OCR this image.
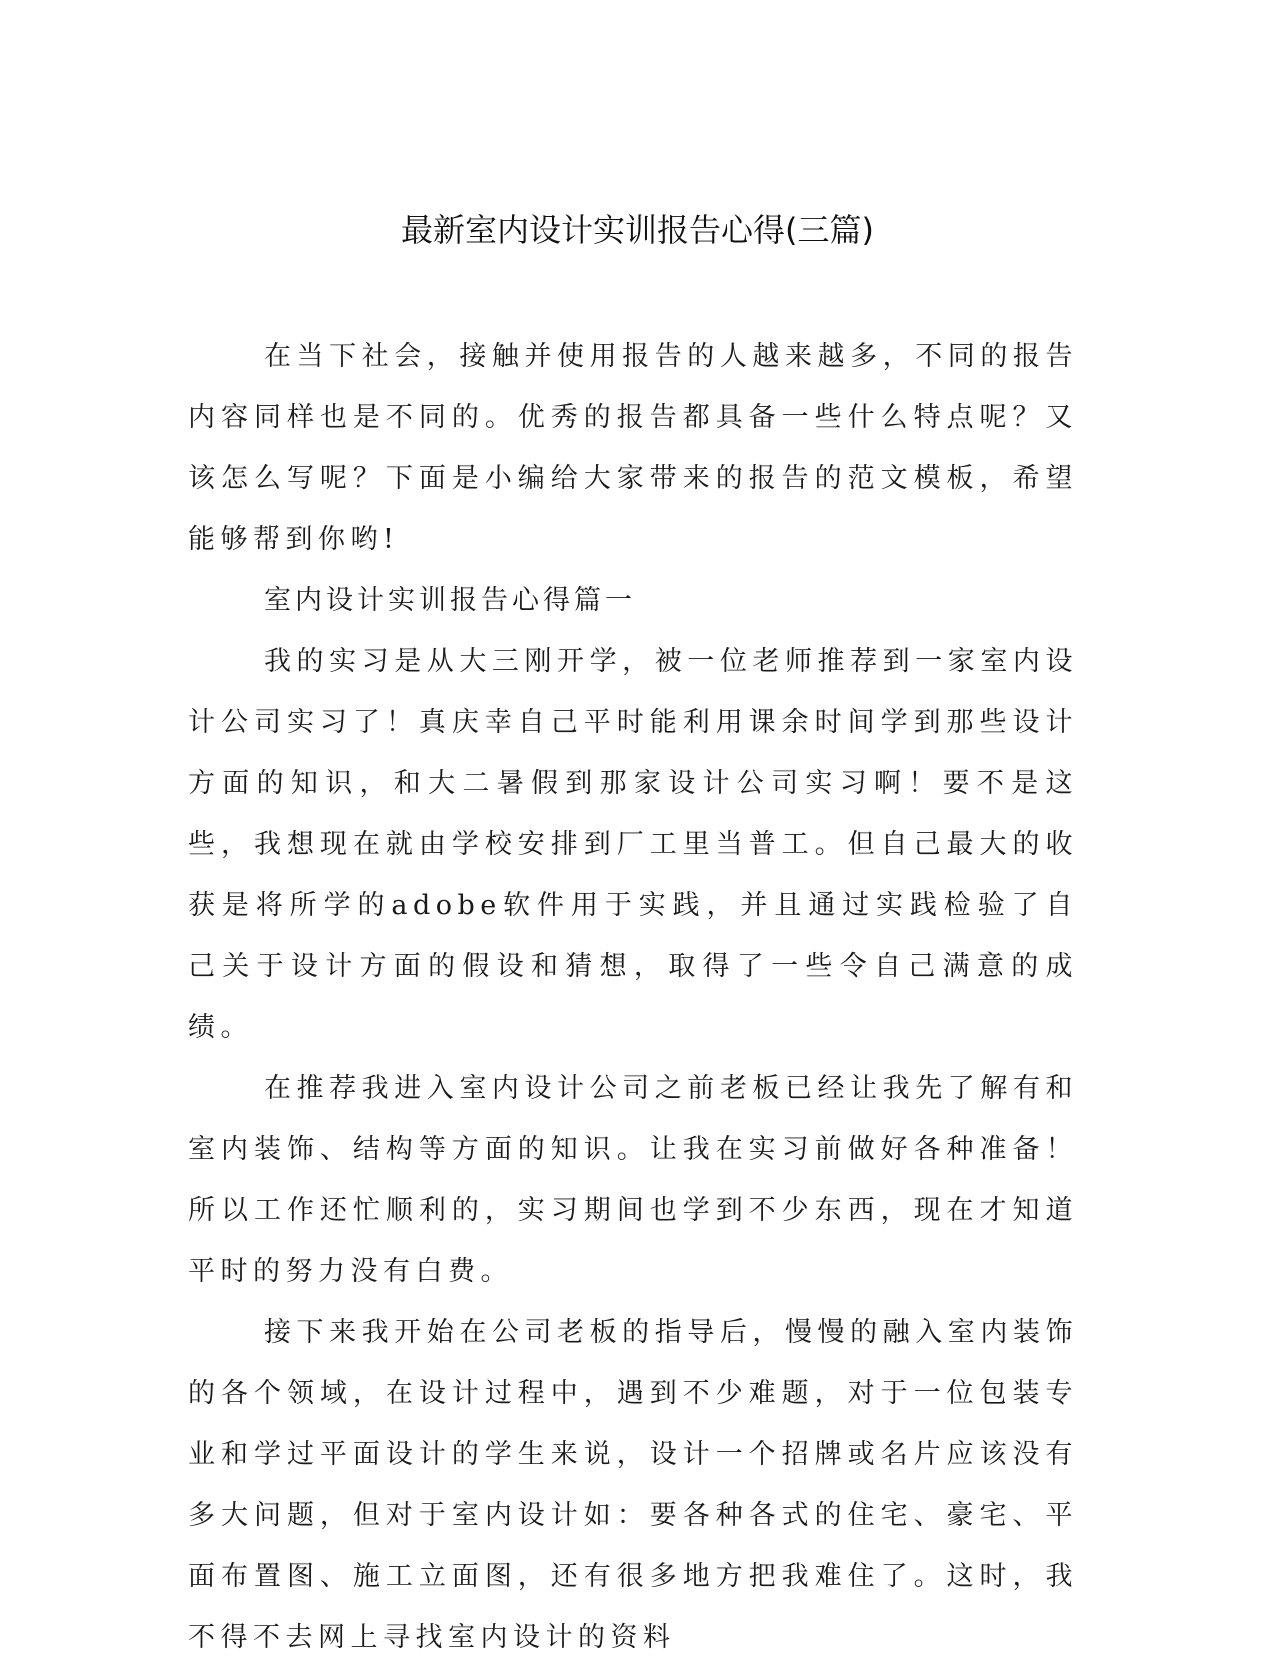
最新室内设计实训报告心得(三篇)

在当下社会，接触并使用报告的人越来越多，不同的报告内容同样也是不同的。优秀的报告都具备一些什么特点呢？又该怎么写呢？下面是小编给大家带来的报告的范文模板，希望能够帮到你哟!

室内设计实训报告心得篇一

我的实习是从大三刚开学，被一位老师推荐到一家室内设计公司实习了！真庆幸自己平时能利用课余时间学到那些设计方面的知识，和大二暑假到那家设计公司实习啊！要不是这些，我想现在就由学校安排到厂工里当普工。但自己最大的收获是将所学的adobe软件用于实践，并且通过实践检验了自己关于设计方面的假设和猜想，取得了一些令自己满意的成绩。

在推荐我进入室内设计公司之前老板已经让我先了解有和室内装饰、结构等方面的知识。让我在实习前做好各种准备！所以工作还忙顺利的，实习期间也学到不少东西，现在才知道平时的努力没有白费。

接下来我开始在公司老板的指导后，慢慢的融入室内装饰的各个领域，在设计过程中，遇到不少难题，对于一位包装专业和学过平面设计的学生来说，设计一个招牌或名片应该没有多大问题，但对于室内设计如：要各种各式的住宅、豪宅、平面布置图、施工立面图，还有很多地方把我难住了。这时，我不得不去网上寻找室内设计的资料
